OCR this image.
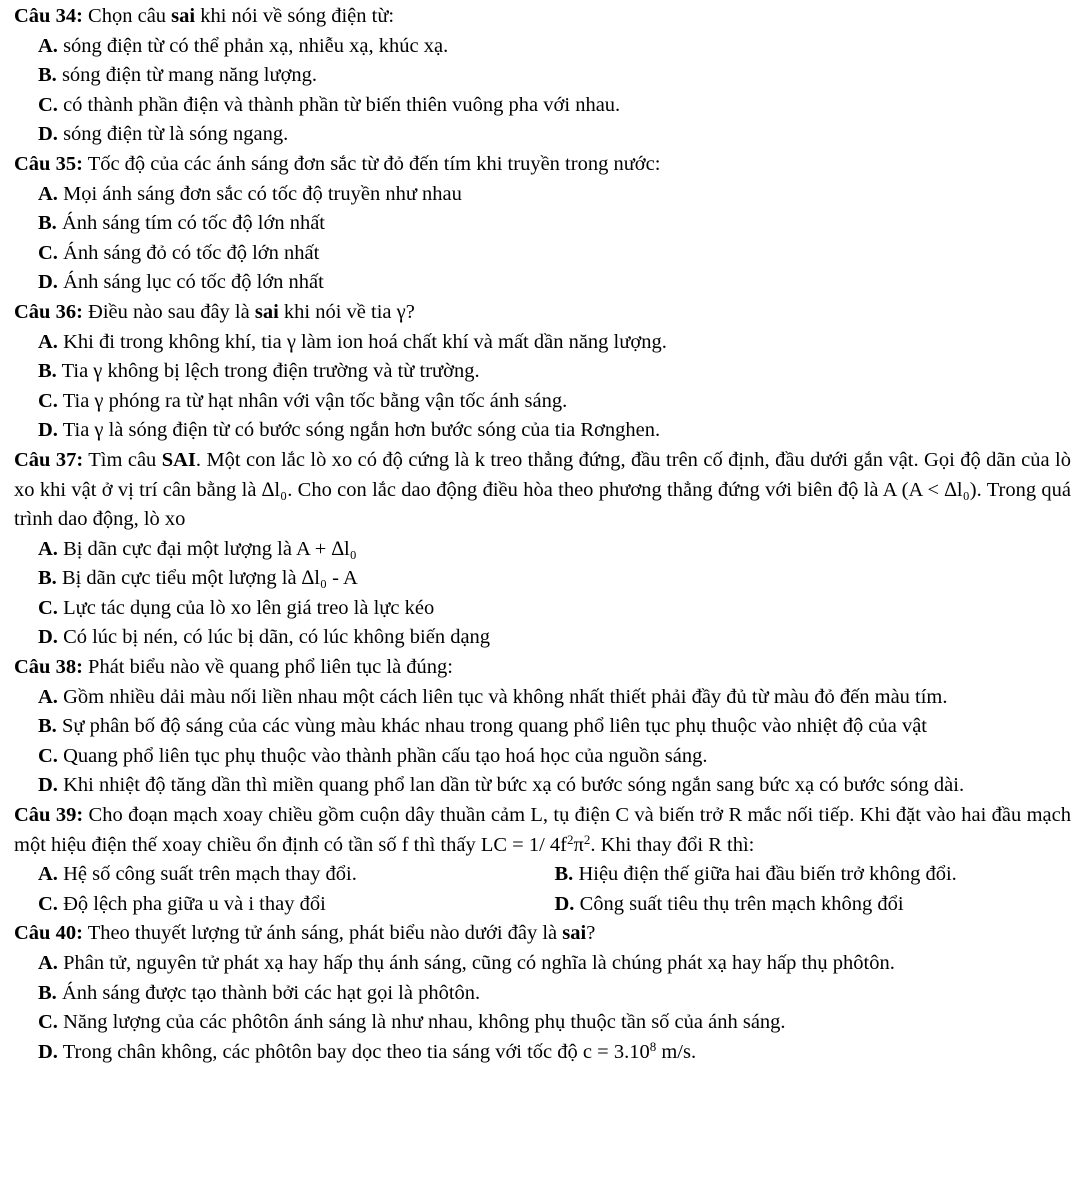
Câu 34: Chọn câu sai khi nói về sóng điện từ:

A. sóng điện từ có thể phản xạ, nhiễu xạ, khúc xạ.

B. sóng điện từ mang năng lượng.

C. có thành phần điện và thành phần từ biến thiên vuông pha với nhau.

D. sóng điện từ là sóng ngang.

Câu 35: Tốc độ của các ánh sáng đơn sắc từ đỏ đến tím khi truyền trong nước:

A. Mọi ánh sáng đơn sắc có tốc độ truyền như nhau

B. Ánh sáng tím có tốc độ lớn nhất

C. Ánh sáng đỏ có tốc độ lớn nhất

D. Ánh sáng lục có tốc độ lớn nhất

Câu 36: Điều nào sau đây là sai khi nói về tia γ?

A. Khi đi trong không khí, tia γ làm ion hoá chất khí và mất dần năng lượng.

B. Tia γ không bị lệch trong điện trường và từ trường.

C. Tia γ phóng ra từ hạt nhân với vận tốc bằng vận tốc ánh sáng.

D. Tia γ là sóng điện từ có bước sóng ngắn hơn bước sóng của tia Rơnghen.

Câu 37: Tìm câu SAI. Một con lắc lò xo có độ cứng là k treo thẳng đứng, đầu trên cố định, đầu dưới gắn vật. Gọi độ dãn của lò xo khi vật ở vị trí cân bằng là ∆l₀. Cho con lắc dao động điều hòa theo phương thẳng đứng với biên độ là A (A < ∆l₀). Trong quá trình dao động, lò xo

A. Bị dãn cực đại một lượng là A + ∆l₀

B. Bị dãn cực tiểu một lượng là ∆l₀ - A

C. Lực tác dụng của lò xo lên giá treo là lực kéo

D. Có lúc bị nén, có lúc bị dãn, có lúc không biến dạng

Câu 38: Phát biểu nào về quang phổ liên tục là đúng:

A. Gồm nhiều dải màu nối liền nhau một cách liên tục và không nhất thiết phải đầy đủ từ màu đỏ đến màu tím.

B. Sự phân bố độ sáng của các vùng màu khác nhau trong quang phổ liên tục phụ thuộc vào nhiệt độ của vật

C. Quang phổ liên tục phụ thuộc vào thành phần cấu tạo hoá học của nguồn sáng.

D. Khi nhiệt độ tăng dần thì miền quang phổ lan dần từ bức xạ có bước sóng ngắn sang bức xạ có bước sóng dài.

Câu 39: Cho đoạn mạch xoay chiều gồm cuộn dây thuần cảm L, tụ điện C và biến trở R mắc nối tiếp. Khi đặt vào hai đầu mạch một hiệu điện thế xoay chiều ổn định có tần số f thì thấy LC = 1/ $4f^2\pi^2$. Khi thay đổi R thì:

A. Hệ số công suất trên mạch thay đổi.	B. Hiệu điện thế giữa hai đầu biến trở không đổi.
C. Độ lệch pha giữa u và i thay đổi	D. Công suất tiêu thụ trên mạch không đổi

Câu 40: Theo thuyết lượng tử ánh sáng, phát biểu nào dưới đây là sai?

A. Phân tử, nguyên tử phát xạ hay hấp thụ ánh sáng, cũng có nghĩa là chúng phát xạ hay hấp thụ phôtôn.

B. Ánh sáng được tạo thành bởi các hạt gọi là phôtôn.

C. Năng lượng của các phôtôn ánh sáng là như nhau, không phụ thuộc tần số của ánh sáng.

D. Trong chân không, các phôtôn bay dọc theo tia sáng với tốc độ $c = 3.10^8$ m/s.
